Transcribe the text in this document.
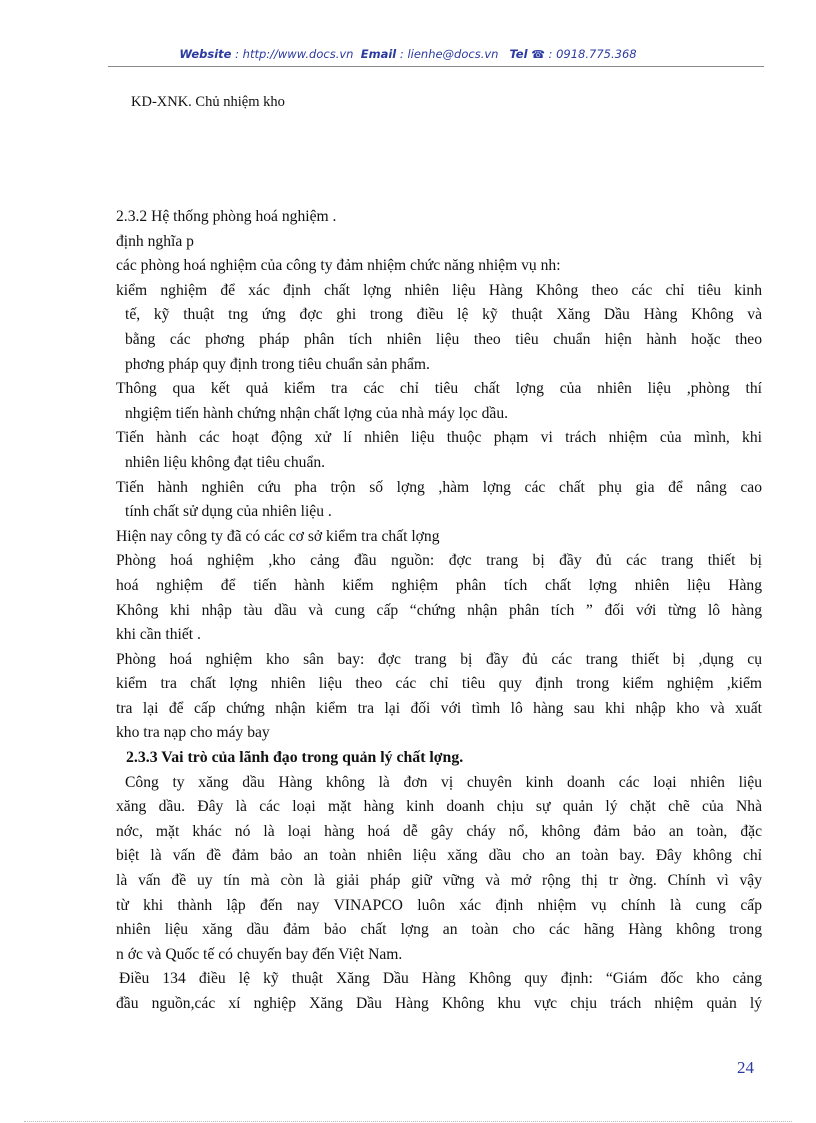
Website : http://www.docs.vn Email : lienhe@docs.vn Tel ☎ : 0918.775.368
KD-XNK. Chủ nhiệm kho
2.3.2 Hệ thống phòng hoá nghiệm .
định nghĩa p
các phòng hoá nghiệm của công ty đảm nhiệm chức năng nhiệm vụ nh:
kiểm nghiệm để xác định chất lợng nhiên liệu Hàng Không theo các chỉ tiêu kinh
tế, kỹ thuật tng ứng đợc ghi trong điều lệ kỹ thuật Xăng Dầu Hàng Không và
bằng các phơng pháp phân tích nhiên liệu theo tiêu chuẩn hiện hành hoặc theo
phơng pháp quy định trong tiêu chuẩn sản phẩm.
Thông qua kết quả kiểm tra các chỉ tiêu chất lợng của nhiên liệu ,phòng thí
nhgiệm tiến hành chứng nhận chất lợng của nhà máy lọc dầu.
Tiến hành các hoạt động xử lí nhiên liệu thuộc phạm vi trách nhiệm của mình, khi
nhiên liệu không đạt tiêu chuẩn.
Tiến hành nghiên cứu pha trộn số lợng ,hàm lợng các chất phụ gia để nâng cao
tính chất sử dụng của nhiên liệu .
Hiện nay công ty đã có các cơ sở kiểm tra chất lợng
Phòng hoá nghiệm ,kho cảng đầu nguồn: đợc trang bị đầy đủ các trang thiết bị
hoá nghiệm để tiến hành kiểm nghiệm phân tích chất lợng nhiên liệu Hàng
Không khi nhập tàu dầu và cung cấp “chứng nhận phân tích ” đối với từng lô hàng
khi cần thiết .
Phòng hoá nghiệm kho sân bay: đợc trang bị đầy đủ các trang thiết bị ,dụng cụ
kiểm tra chất lợng nhiên liệu theo các chỉ tiêu quy định trong kiểm nghiệm ,kiểm
tra lại để cấp chứng nhận kiểm tra lại đối với tìmh lô hàng sau khi nhập kho và xuất
kho tra nạp cho máy bay
2.3.3 Vai trò của lãnh đạo trong quản lý chất lợng.
Công ty xăng dầu Hàng không là đơn vị chuyên kinh doanh các loại nhiên liệu
xăng dầu. Đây là các loại mặt hàng kinh doanh chịu sự quản lý chặt chẽ của Nhà
nớc, mặt khác nó là loại hàng hoá dễ gây cháy nổ, không đảm bảo an toàn, đặc
biệt là vấn đề đảm bảo an toàn nhiên liệu xăng dầu cho an toàn bay. Đây không chỉ
là vấn đề uy tín mà còn là giải pháp giữ vững và mở rộng thị tr ờng. Chính vì vậy
từ khi thành lập đến nay VINAPCO luôn xác định nhiệm vụ chính là cung cấp
nhiên liệu xăng dầu đảm bảo chất lợng an toàn cho các hãng Hàng không trong
n ớc và Quốc tế có chuyến bay đến Việt Nam.
Điều 134 điều lệ kỹ thuật Xăng Dầu Hàng Không quy định: “Giám đốc kho cảng
đầu nguồn,các xí nghiệp Xăng Dầu Hàng Không khu vực chịu trách nhiệm quản lý
24
